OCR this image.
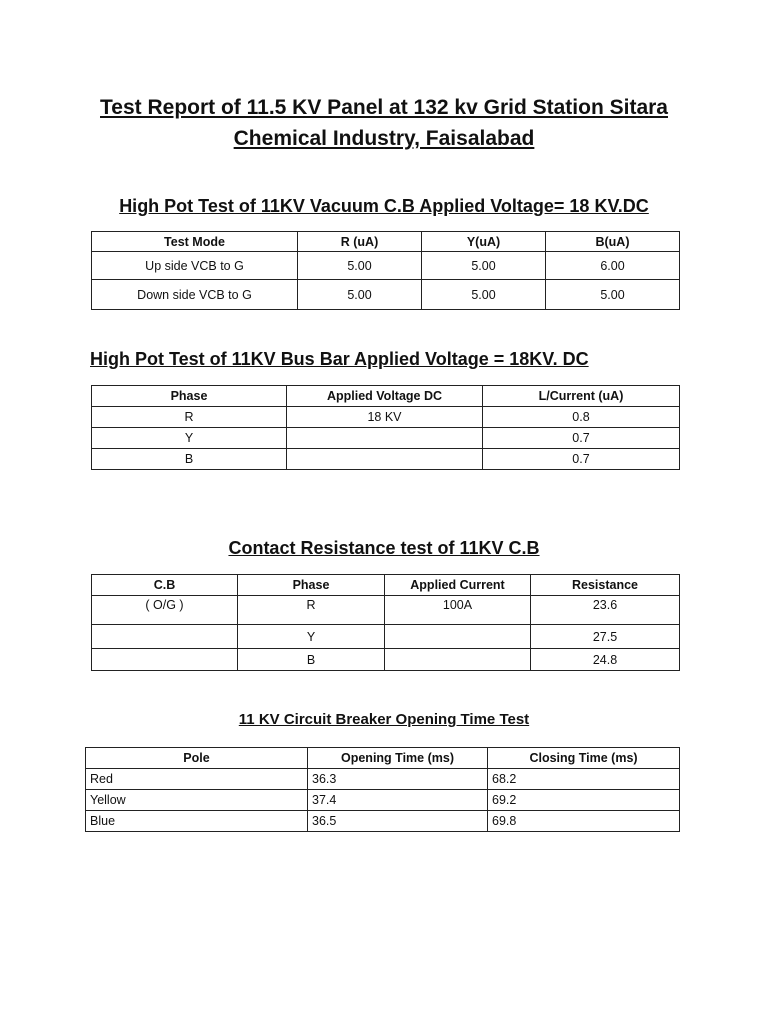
Test Report of 11.5 KV Panel at 132 kv Grid Station Sitara
Chemical Industry, Faisalabad
High Pot Test of 11KV Vacuum C.B Applied Voltage= 18 KV.DC
Test Mode	R (uA)	Y(uA)	B(uA)
Up side VCB to G	5.00	5.00	6.00
Down side VCB to G	5.00	5.00	5.00
High Pot Test of 11KV Bus Bar Applied Voltage = 18KV. DC
Phase	Applied Voltage DC	L/Current (uA)
R	18 KV	0.8
Y		0.7
B		0.7
Contact Resistance test of 11KV C.B
C.B	Phase	Applied Current	Resistance
( O/G )	R	100A	23.6
	Y		27.5
	B		24.8
11 KV Circuit Breaker Opening Time Test
Pole	Opening Time (ms)	Closing Time (ms)
Red	36.3	68.2
Yellow	37.4	69.2
Blue	36.5	69.8
